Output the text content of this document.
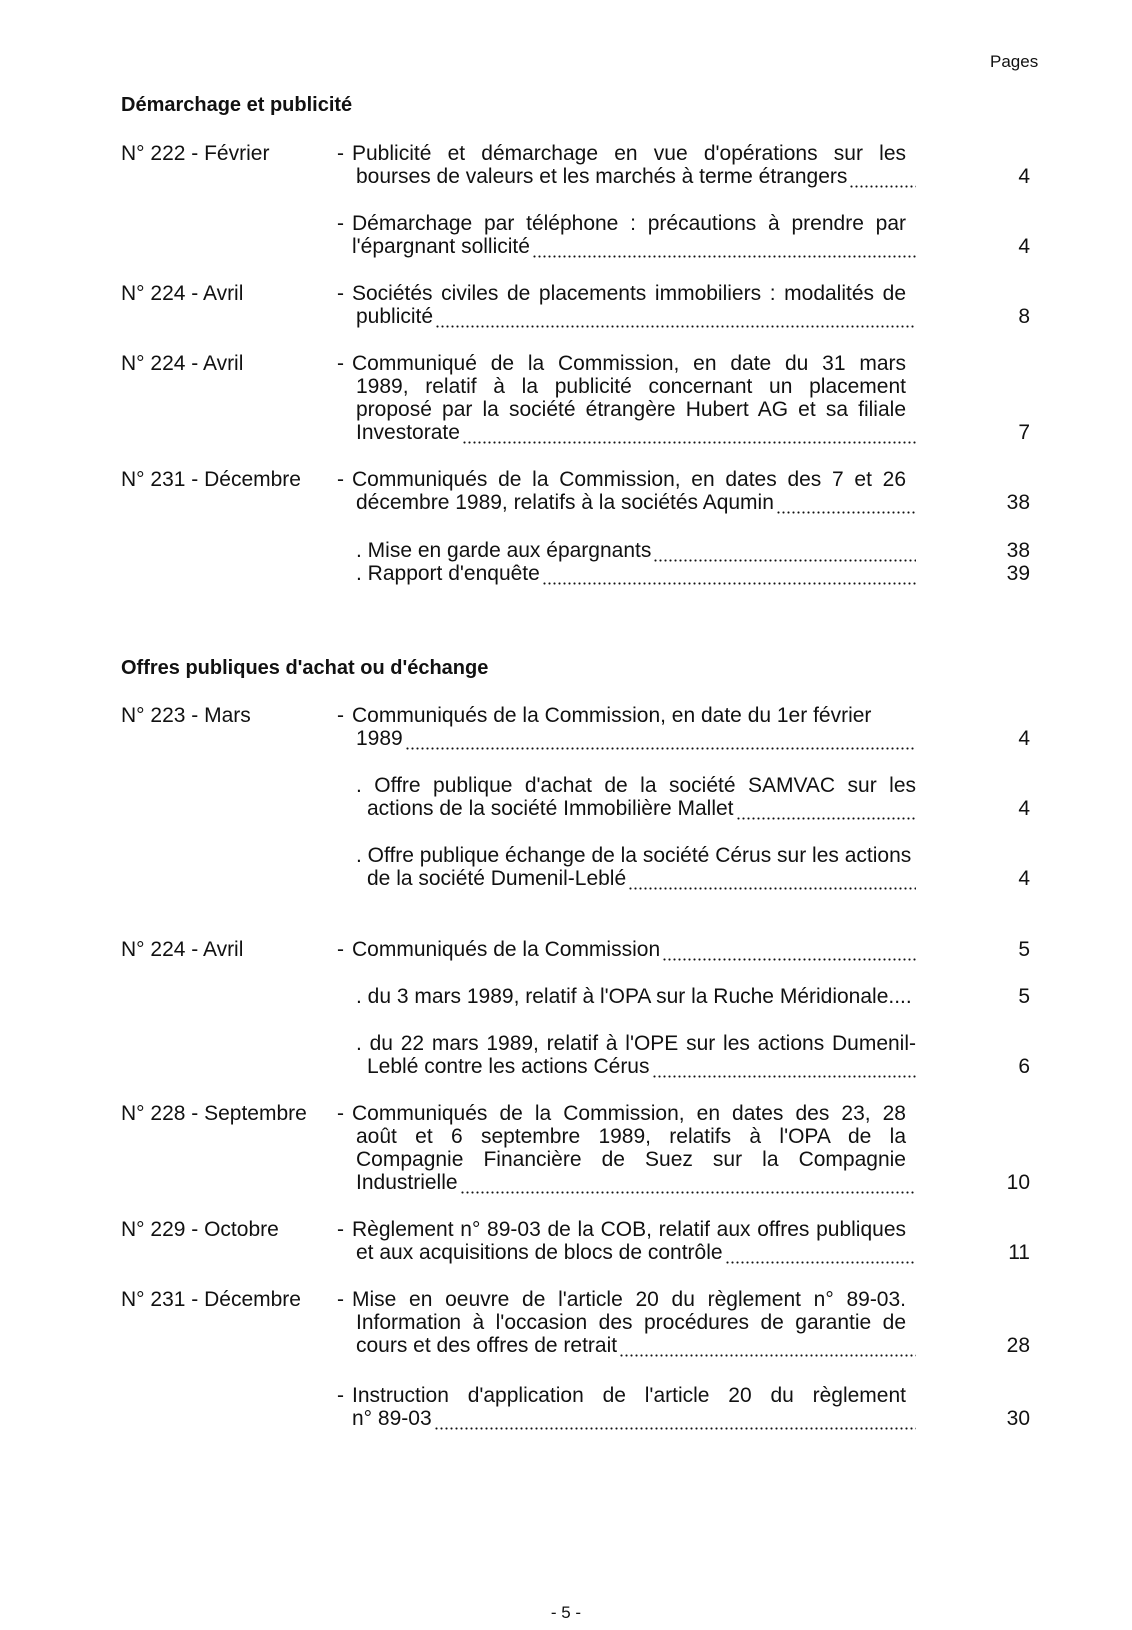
Pages
Démarchage et publicité
N° 222 - Février	- Publicité et démarchage en vue d'opérations sur les
bourses de valeurs et les marchés à terme étrangers	4
- Démarchage par téléphone : précautions à prendre par
l'épargnant sollicité	4
N° 224 - Avril	- Sociétés civiles de placements immobiliers : modalités de
publicité	8
N° 224 - Avril	- Communiqué de la Commission, en date du 31 mars
1989, relatif à la publicité concernant un placement
proposé par la société étrangère Hubert AG et sa filiale
Investorate	7
N° 231 - Décembre - Communiqués de la Commission, en dates des 7 et 26
décembre 1989, relatifs à la sociétés Aqumin	38
. Mise en garde aux épargnants	38
. Rapport d'enquête	39
Offres publiques d'achat ou d'échange
N° 223 - Mars	- Communiqués de la Commission, en date du 1er février
1989	4
. Offre publique d'achat de la société SAMVAC sur les
actions de la société Immobilière Mallet	4
. Offre publique échange de la société Cérus sur les actions
de la société Dumenil-Leblé	4
N° 224 - Avril	- Communiqués de la Commission	5
. du 3 mars 1989, relatif à l'OPA sur la Ruche Méridionale....	5
. du 22 mars 1989, relatif à l'OPE sur les actions Dumenil-
Leblé contre les actions Cérus	6
N° 228 - Septembre - Communiqués de la Commission, en dates des 23, 28
août et 6 septembre 1989, relatifs à l'OPA de la
Compagnie Financière de Suez sur la Compagnie
Industrielle	10
N° 229 - Octobre	- Règlement n° 89-03 de la COB, relatif aux offres publiques
et aux acquisitions de blocs de contrôle	11
N° 231 - Décembre - Mise en oeuvre de l'article 20 du règlement n° 89-03.
Information à l'occasion des procédures de garantie de
cours et des offres de retrait	28
- Instruction d'application de l'article 20 du règlement
n° 89-03	30
- 5 -
